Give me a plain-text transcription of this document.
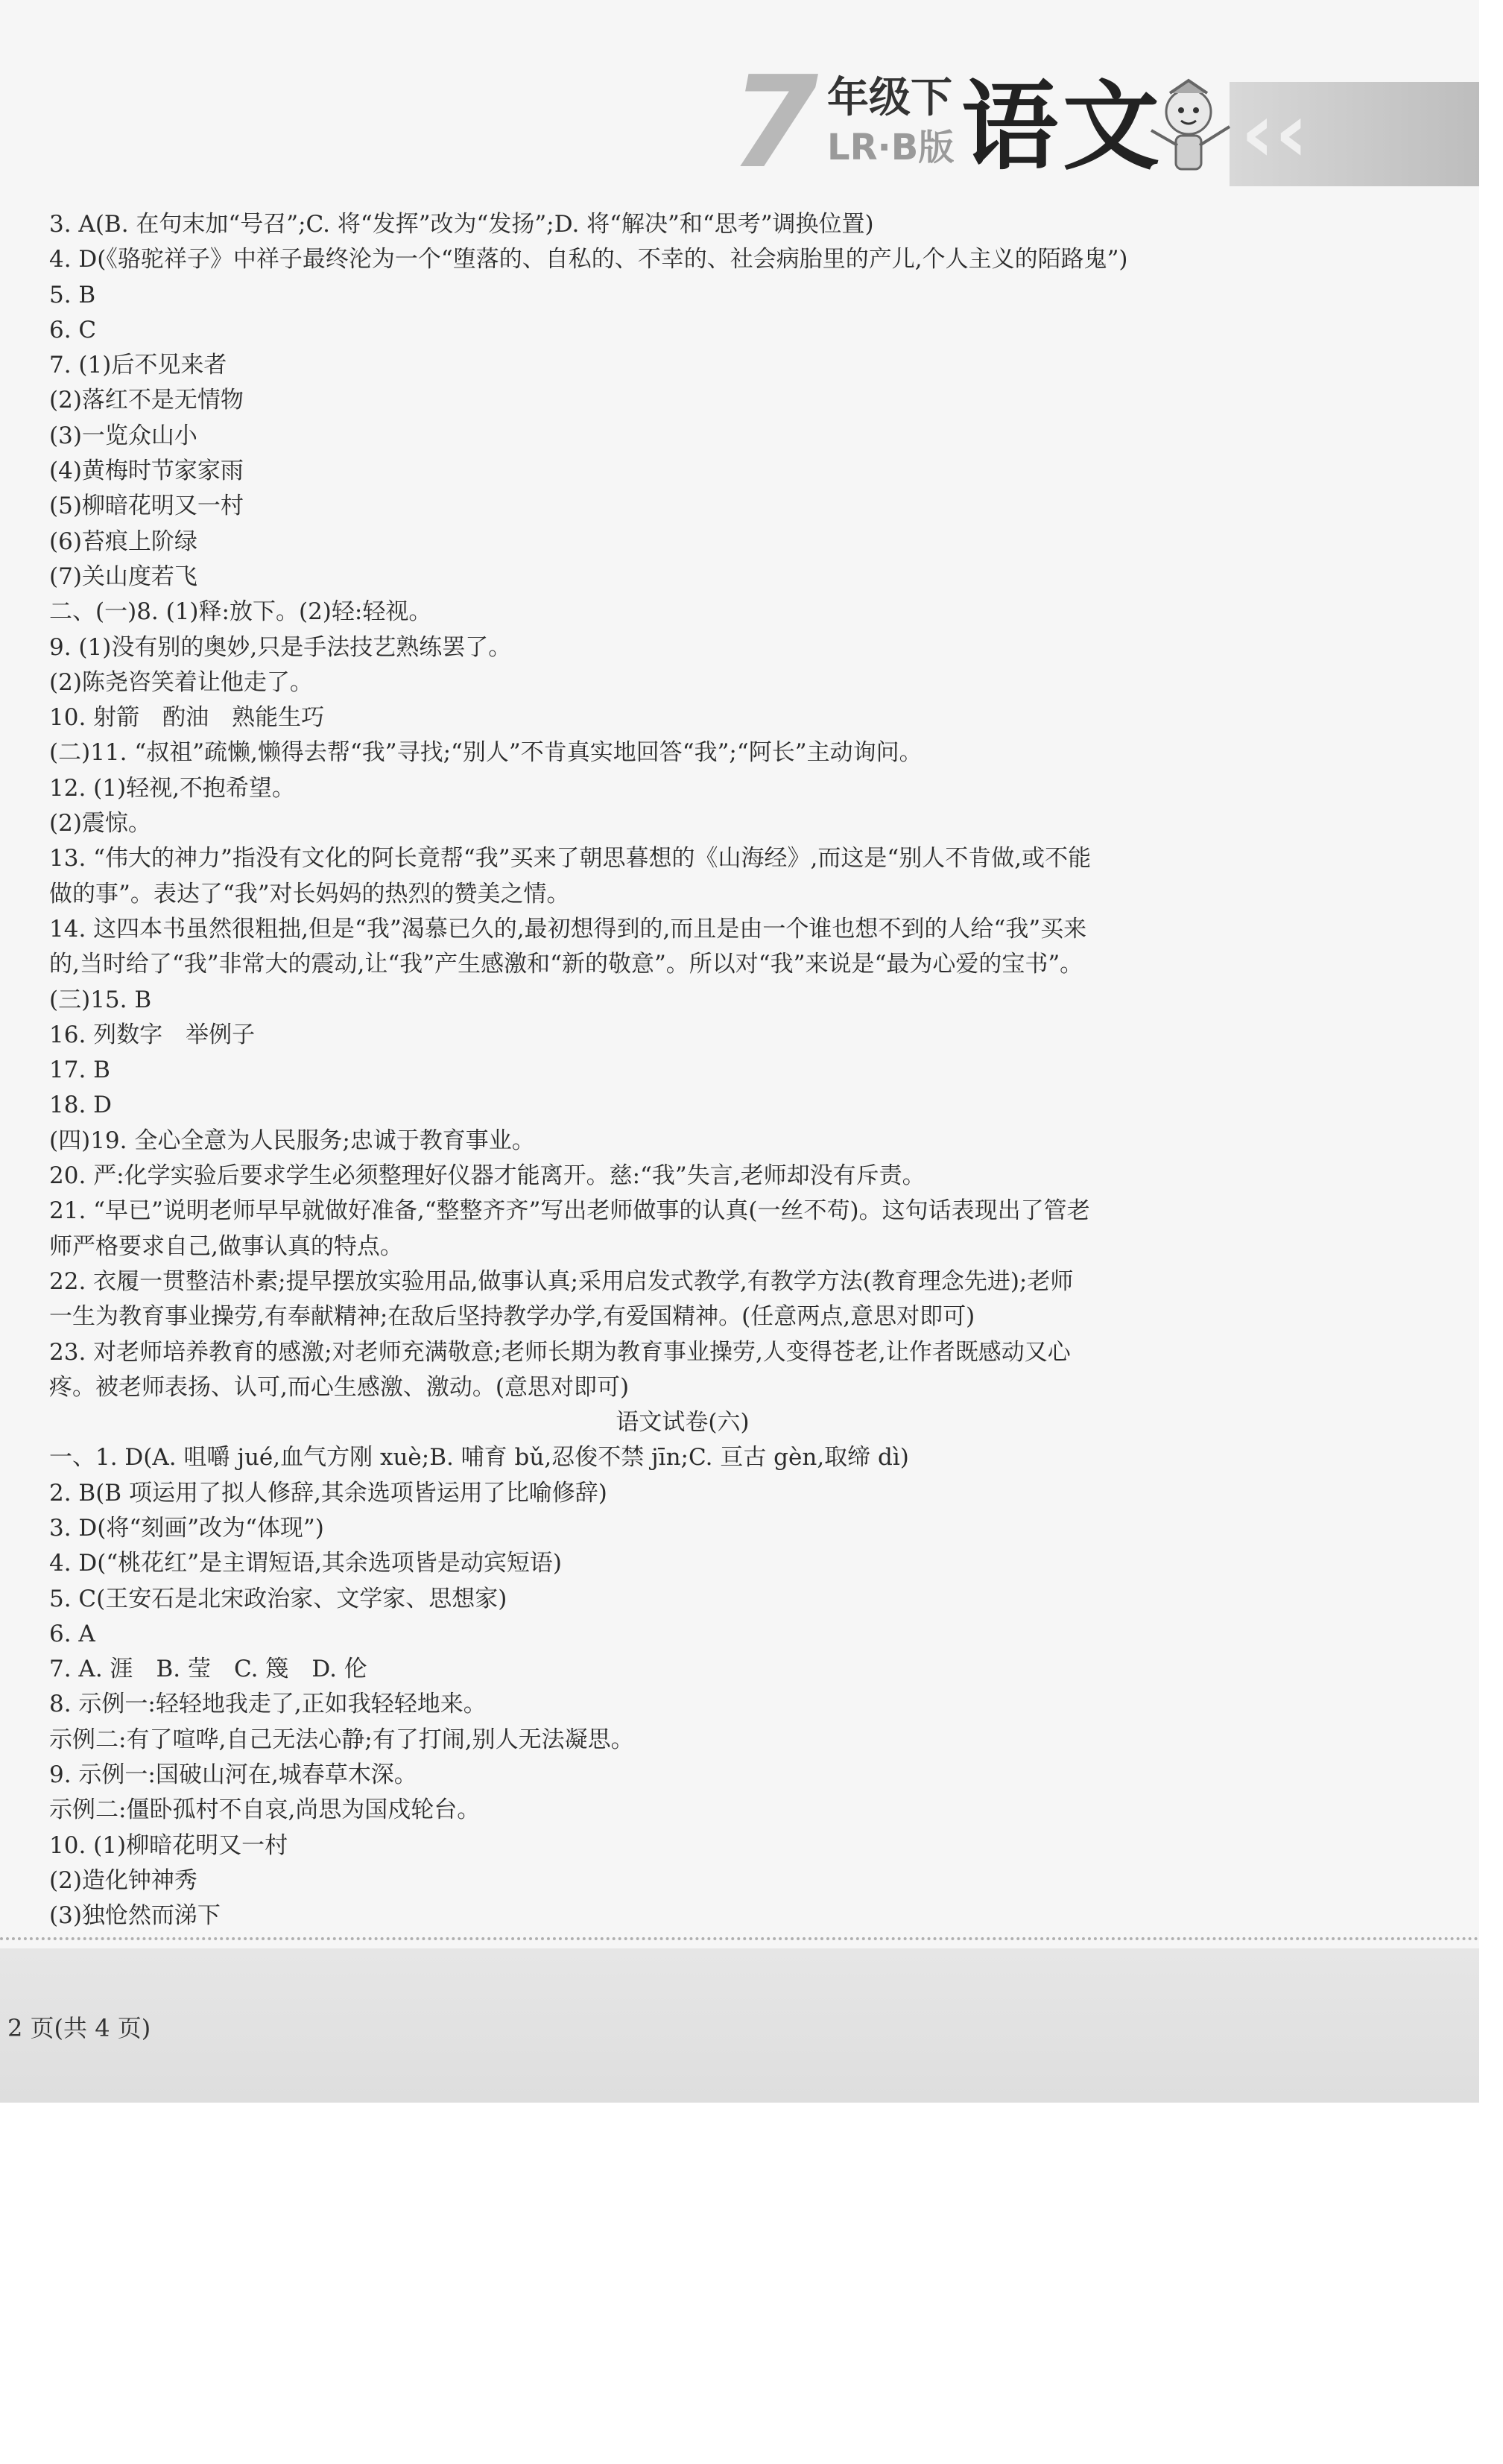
7 年级下
LR·B版 语文 ‹‹
3. A(B. 在句末加“号召”;C. 将“发挥”改为“发扬”;D. 将“解决”和“思考”调换位置)
4. D(《骆驼祥子》中祥子最终沦为一个“堕落的、自私的、不幸的、社会病胎里的产儿,个人主义的陌路鬼”)
5. B
6. C
7. (1)后不见来者
(2)落红不是无情物
(3)一览众山小
(4)黄梅时节家家雨
(5)柳暗花明又一村
(6)苔痕上阶绿
(7)关山度若飞
二、(一)8. (1)释:放下。(2)轻:轻视。
9. (1)没有别的奥妙,只是手法技艺熟练罢了。
(2)陈尧咨笑着让他走了。
10. 射箭　酌油　熟能生巧
(二)11. “叔祖”疏懒,懒得去帮“我”寻找;“别人”不肯真实地回答“我”;“阿长”主动询问。
12. (1)轻视,不抱希望。
(2)震惊。
13. “伟大的神力”指没有文化的阿长竟帮“我”买来了朝思暮想的《山海经》,而这是“别人不肯做,或不能
做的事”。表达了“我”对长妈妈的热烈的赞美之情。
14. 这四本书虽然很粗拙,但是“我”渴慕已久的,最初想得到的,而且是由一个谁也想不到的人给“我”买来
的,当时给了“我”非常大的震动,让“我”产生感激和“新的敬意”。所以对“我”来说是“最为心爱的宝书”。
(三)15. B
16. 列数字　举例子
17. B
18. D
(四)19. 全心全意为人民服务;忠诚于教育事业。
20. 严:化学实验后要求学生必须整理好仪器才能离开。慈:“我”失言,老师却没有斥责。
21. “早已”说明老师早早就做好准备,“整整齐齐”写出老师做事的认真(一丝不苟)。这句话表现出了管老
师严格要求自己,做事认真的特点。
22. 衣履一贯整洁朴素;提早摆放实验用品,做事认真;采用启发式教学,有教学方法(教育理念先进);老师
一生为教育事业操劳,有奉献精神;在敌后坚持教学办学,有爱国精神。(任意两点,意思对即可)
23. 对老师培养教育的感激;对老师充满敬意;老师长期为教育事业操劳,人变得苍老,让作者既感动又心
疼。被老师表扬、认可,而心生感激、激动。(意思对即可)
语文试卷(六)
一、1. D(A. 咀嚼 jué,血气方刚 xuè;B. 哺育 bǔ,忍俊不禁 jīn;C. 亘古 gèn,取缔 dì)
2. B(B 项运用了拟人修辞,其余选项皆运用了比喻修辞)
3. D(将“刻画”改为“体现”)
4. D(“桃花红”是主谓短语,其余选项皆是动宾短语)
5. C(王安石是北宋政治家、文学家、思想家)
6. A
7. A. 涯　B. 莹　C. 篾　D. 伦
8. 示例一:轻轻地我走了,正如我轻轻地来。
示例二:有了喧哗,自己无法心静;有了打闹,别人无法凝思。
9. 示例一:国破山河在,城春草木深。
示例二:僵卧孤村不自哀,尚思为国戍轮台。
10. (1)柳暗花明又一村
(2)造化钟神秀
(3)独怆然而涕下
2 页(共 4 页)
